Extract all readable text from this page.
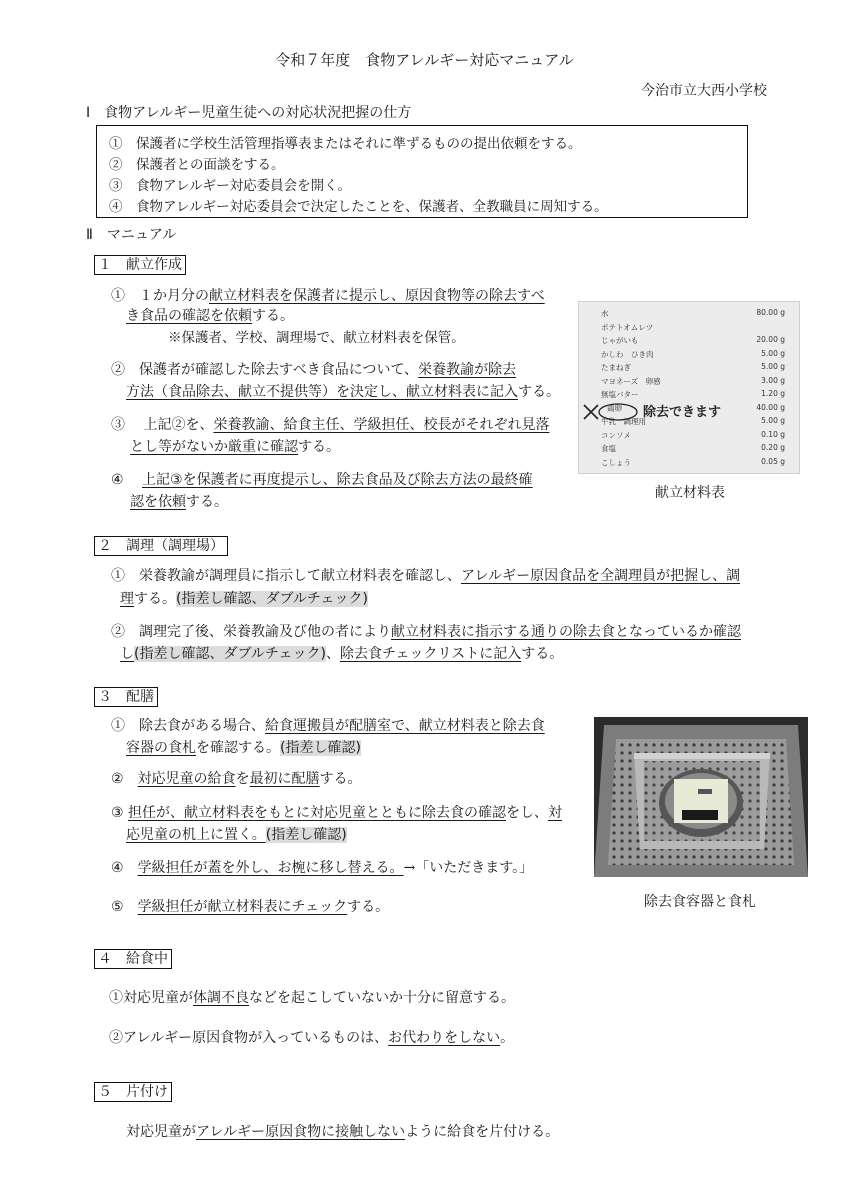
令和７年度　食物アレルギー対応マニュアル
今治市立大西小学校
Ⅰ　食物アレルギー児童生徒への対応状況把握の仕方
①　保護者に学校生活管理指導表またはそれに準ずるものの提出依頼をする。
②　保護者との面談をする。
③　食物アレルギー対応委員会を開く。
④　食物アレルギー対応委員会で決定したことを、保護者、全教職員に周知する。
Ⅱ　マニュアル
１　献立作成
①　１か月分の献立材料表を保護者に提示し、原因食物等の除去すべ
き食品の確認を依頼する。
※保護者、学校、調理場で、献立材料表を保管。
②　保護者が確認した除去すべき食品について、栄養教諭が除去
方法（食品除去、献立不提供等）を決定し、献立材料表に記入する。
③　 上記②を、栄養教諭、給食主任、学級担任、校長がそれぞれ見落
とし等がないか厳重に確認する。
④　 上記③を保護者に再度提示し、除去食品及び除去方法の最終確
認を依頼する。
除去できます
水	80.00 g
ポテトオムレツ
じゃがいも	20.00 g
かしわ　ひき肉	5.00 g
たまねぎ	5.00 g
マヨネーズ　卵感	3.00 g
無塩バター	1.20 g
鶏卵	40.00 g
牛乳　調理用	5.00 g
コンソメ	0.10 g
食塩	0.20 g
こしょう	0.05 g
献立材料表
２　調理（調理場）
①　栄養教諭が調理員に指示して献立材料表を確認し、アレルギー原因食品を全調理員が把握し、調
理する。(指差し確認、ダブルチェック)
②　調理完了後、栄養教諭及び他の者により献立材料表に指示する通りの除去食となっているか確認
し(指差し確認、ダブルチェック)、除去食チェックリストに記入する。
３　配膳
①　除去食がある場合、給食運搬員が配膳室で、献立材料表と除去食
容器の食札を確認する。(指差し確認)
②　対応児童の給食を最初に配膳する。
③ 担任が、献立材料表をもとに対応児童とともに除去食の確認をし、対
応児童の机上に置く。(指差し確認)
④　学級担任が蓋を外し、お椀に移し替える。→「いただきます。」
⑤　学級担任が献立材料表にチェックする。	除去食容器と食札
４　給食中
①対応児童が体調不良などを起こしていないか十分に留意する。
②アレルギー原因食物が入っているものは、お代わりをしない。
５　片付け
対応児童がアレルギー原因食物に接触しないように給食を片付ける。
